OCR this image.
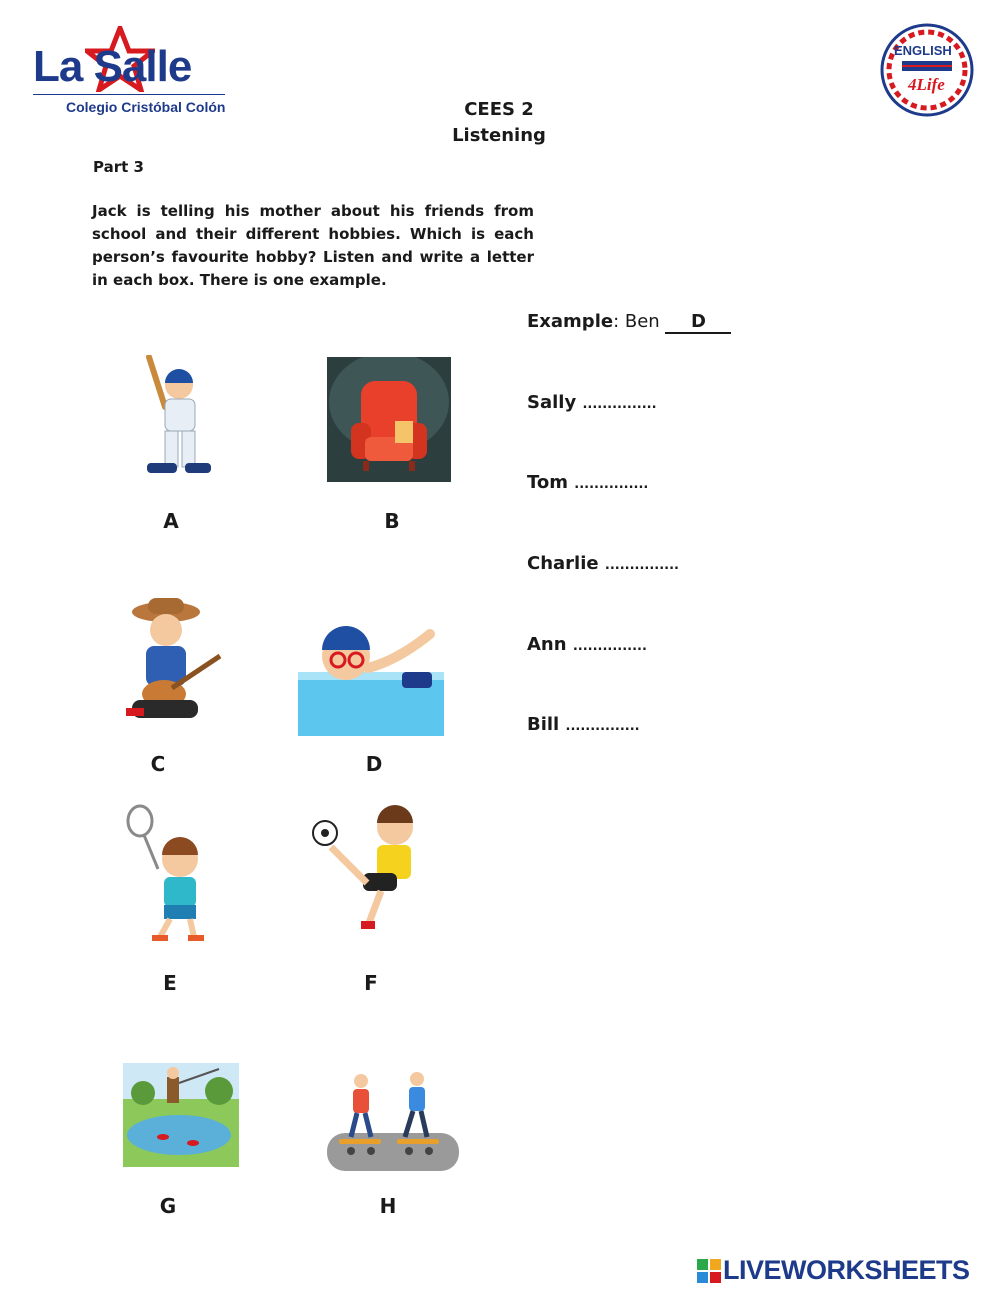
La Salle
Colegio Cristóbal Colón
ENGLISH
4Life
CEES 2
Listening
Part 3
Jack is telling his mother about his friends from school and their different hobbies. Which is each person’s favourite hobby? Listen and write a letter in each box. There is one example.
Example: Ben D
Sally ...............
Tom ...............
Charlie ...............
Ann ...............
Bill ...............
A	B
C	D
E	F
G	H
LIVEWORKSHEETS
